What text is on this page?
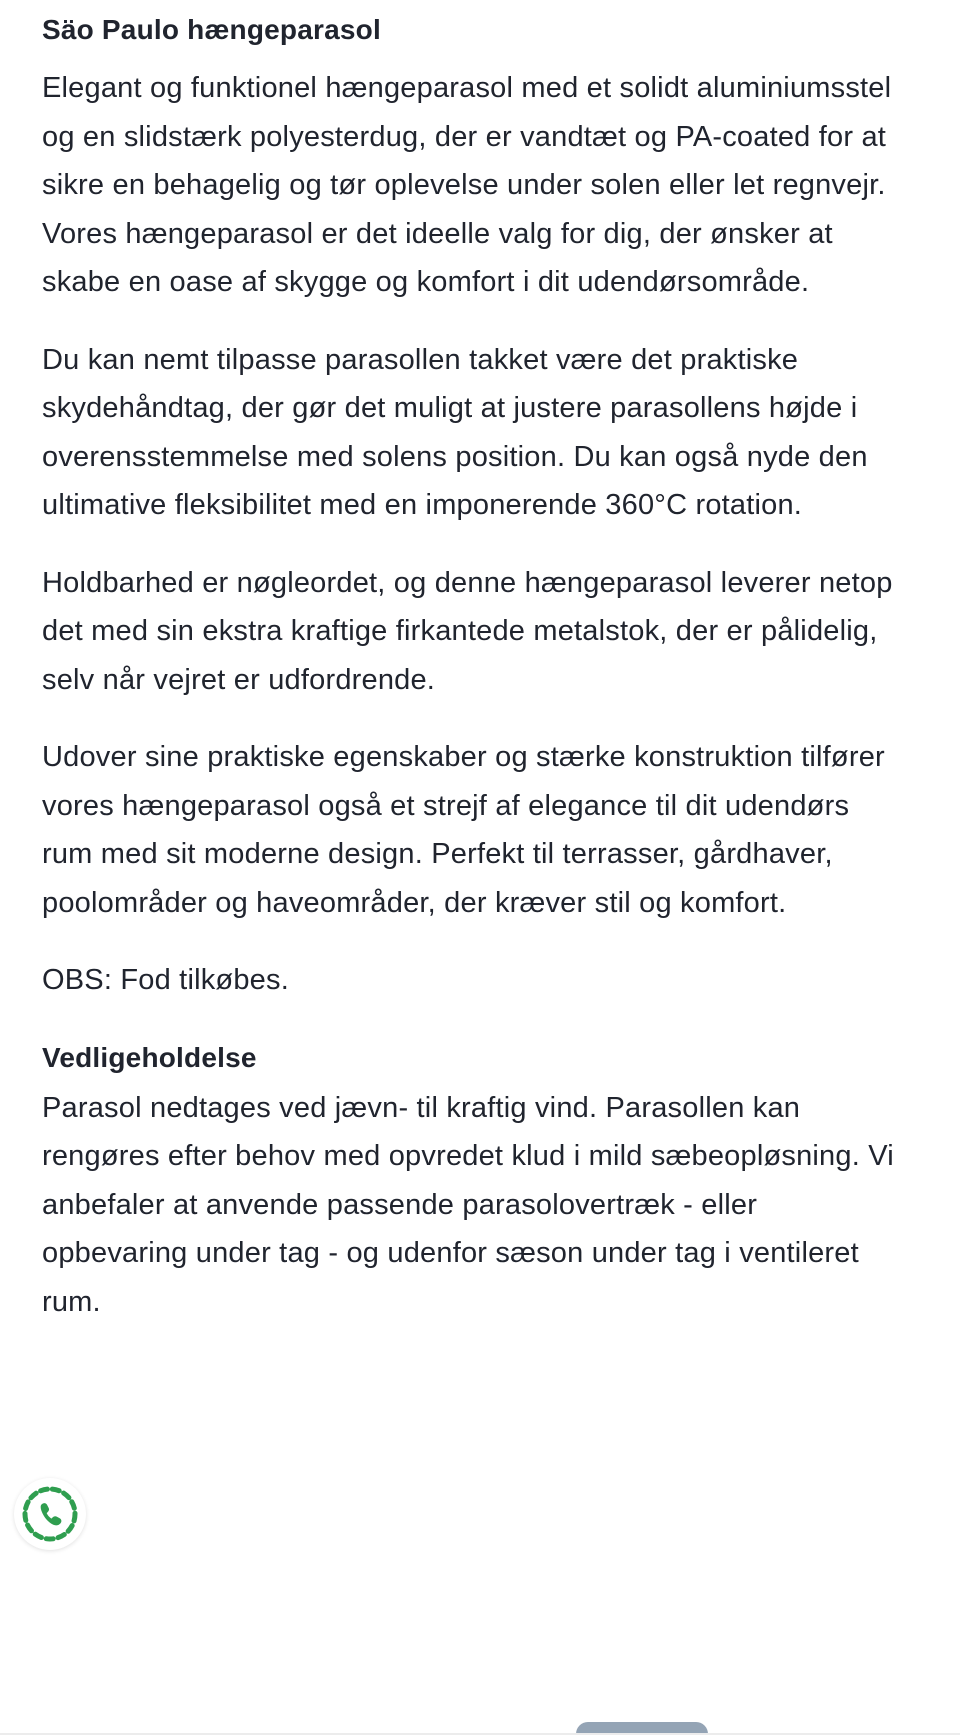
Säo Paulo hængeparasol

Elegant og funktionel hængeparasol med et solidt aluminiumsstel og en slidstærk polyesterdug, der er vandtæt og PA-coated for at sikre en behagelig og tør oplevelse under solen eller let regnvejr. Vores hængeparasol er det ideelle valg for dig, der ønsker at skabe en oase af skygge og komfort i dit udendørsområde.

Du kan nemt tilpasse parasollen takket være det praktiske skydehåndtag, der gør det muligt at justere parasollens højde i overensstemmelse med solens position. Du kan også nyde den ultimative fleksibilitet med en imponerende 360°C rotation.

Holdbarhed er nøgleordet, og denne hængeparasol leverer netop det med sin ekstra kraftige firkantede metalstok, der er pålidelig, selv når vejret er udfordrende.

Udover sine praktiske egenskaber og stærke konstruktion tilfører vores hængeparasol også et strejf af elegance til dit udendørs rum med sit moderne design. Perfekt til terrasser, gårdhaver, poolområder og haveområder, der kræver stil og komfort.

OBS: Fod tilkøbes.

Vedligeholdelse

Parasol nedtages ved jævn- til kraftig vind. Parasollen kan rengøres efter behov med opvredet klud i mild sæbeopløsning. Vi anbefaler at anvende passende parasolovertræk - eller opbevaring under tag - og udenfor sæson under tag i ventileret rum.
